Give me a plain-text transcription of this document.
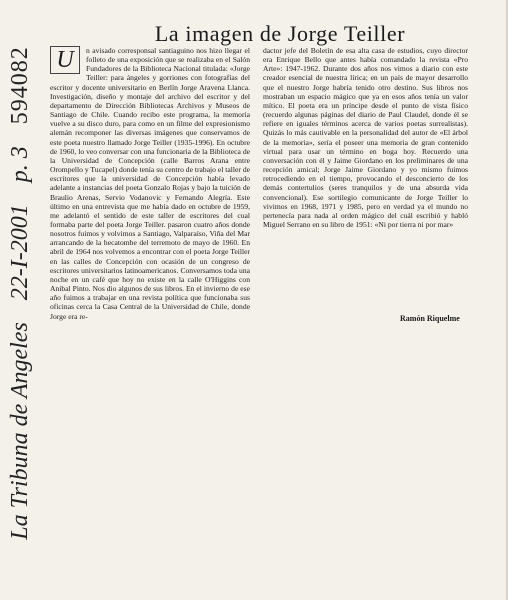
La imagen de Jorge Teiller
La Tribuna de Angeles
22-I-2001
p. 3
594082 U	n avisado corresponsal santiaguino nos hizo llegar el folleto de una exposición que se realizaba en el Salón Fundadores de la Biblioteca Nacional titulada: «Jorge Teiller: para ángeles y gorriones con fotografías del escritor y docente universitario en Berlín Jorge Aravena Llanca. Investigación, diseño y montaje del archivo del escritor y del departamento de Dirección Bibliotecas Archivos y Museos de Santiago de Chile. Cuando recibo este programa, la memoria vuelve a su disco duro, para como en un filme del expresionismo alemán recomponer las diversas imágenes que conservamos de este poeta nuestro llamado Jorge Teiller (1935-1996). En octubre de 1960, lo veo conversar con una funcionaria de la Biblioteca de la Universidad de Concepción (calle Barros Arana entre Orompello y Tucapel) donde tenía su centro de trabajo el taller de escritores que la universidad de Concepción había levado adelante a instancias del poeta Gonzalo Rojas y bajo la tuición de Braulio Arenas, Servio Vodanovic y Fernando Alegría. Este último en una entrevista que me había dado en octubre de 1959, me adelantó el sentido de este taller de escritores del cual formaba parte del poeta Jorge Teiller. pasaron cuatro años donde nosotros fuimos y volvimos a Santiago, Valparaíso, Viña del Mar arrancando de la hecatombe del terremoto de mayo de 1960. En abril de 1964 nos volvemos a encontrar con el poeta Jorge Teiller en las calles de Concepción con ocasión de un congreso de escritores universitarios latinoamericanos. Conversamos toda una noche en un café que hoy no existe en la calle O'Higgins con Aníbal Pinto. Nos dio algunos de sus libros. En el invierno de ese año fuimos a trabajar en una revista política que funcionaba sus oficinas cerca la Casa Central de la Universidad de Chile, donde Jorge era re-
dactor jefe del Boletín de esa alta casa de estudios, cuyo director era Enrique Bello que antes había comandado la revista «Pro Arte»: 1947-1962. Durante dos años nos vimos a diario con este creador esencial de nuestra lírica; en un país de mayor desarrollo que el nuestro Jorge habría tenido otro destino. Sus libros nos mostraban un espacio mágico que ya en esos años tenía un valor mítico. El poeta era un príncipe desde el punto de vista físico (recuerdo algunas páginas del diario de Paul Claudel, donde él se refiere en iguales términos acerca de varios poetas surrealistas). Quizás lo más cautivable en la personalidad del autor de «El árbol de la memoria», sería el poseer una memoria de gran contenido virtual para usar un término en boga hoy. Recuerdo una conversación con él y Jaime Giordano en los preliminares de una recepción amical; Jorge Jaime Giordano y yo mismo fuimos retrocediendo en el tiempo, provocando el desconcierto de los demás contertulios (seres tranquilos y de una absurda vida convencional). Ese sortilegio comunicante de Jorge Teiller lo vivimos en 1968, 1971 y 1985, pero en verdad ya el mundo no pertenecía para nada al orden mágico del cuál escribió y habló Miguel Serrano en su libro de 1951: «Ni por tierra ni por mar»
Ramón Riquelme
